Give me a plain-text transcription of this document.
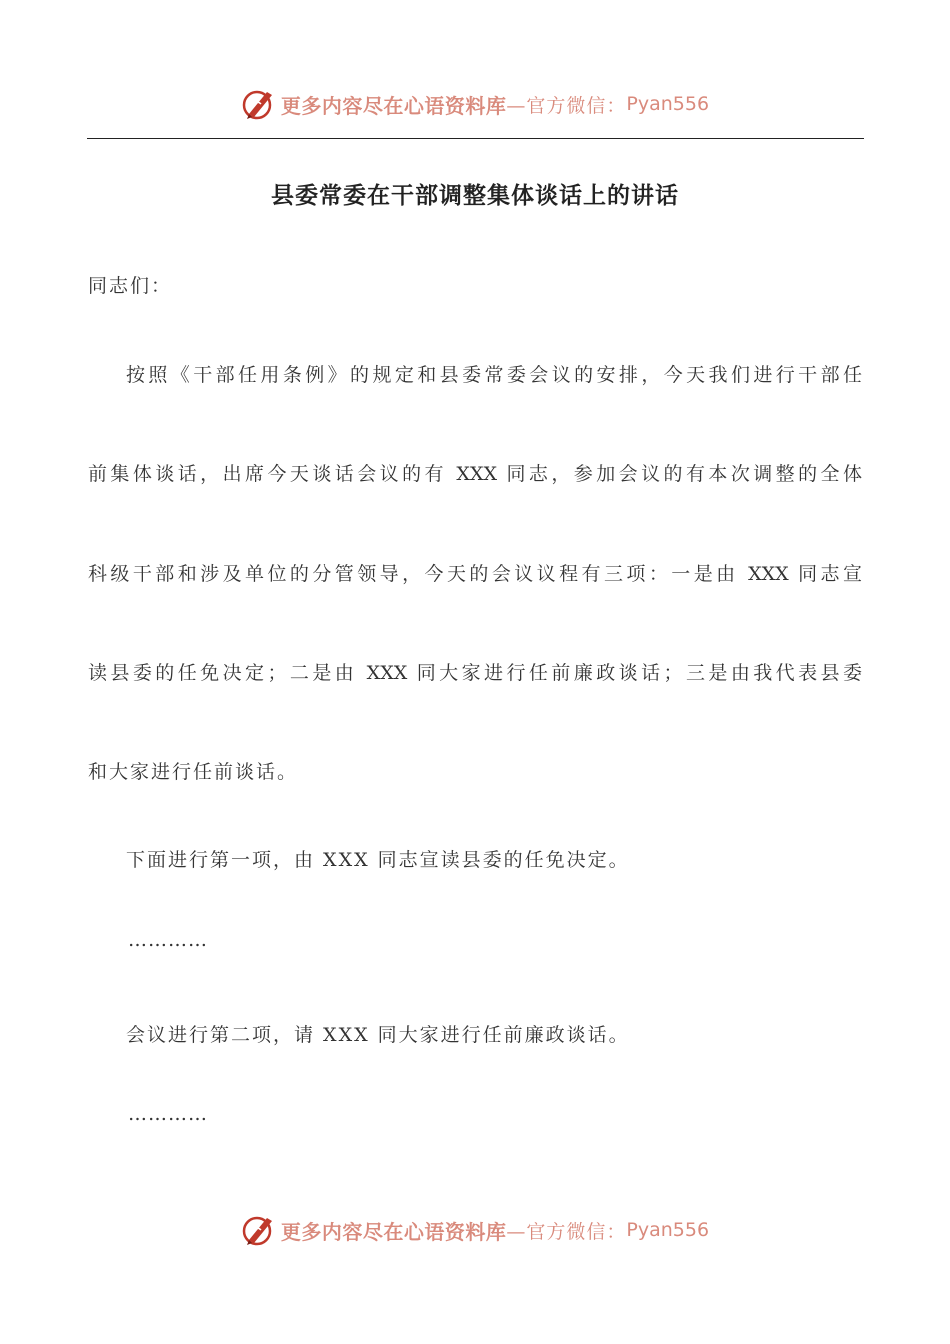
更多内容尽在心语资料库 —官方微信： Pyan556
县委常委在干部调整集体谈话上的讲话

同志们：

按照《干部任用条例》的规定和县委常委会议的安排，今天我们进行干部任

前集体谈话，出席今天谈话会议的有 XXX 同志，参加会议的有本次调整的全体

科级干部和涉及单位的分管领导，今天的会议议程有三项：一是由 XXX 同志宣

读县委的任免决定；二是由 XXX 同大家进行任前廉政谈话；三是由我代表县委

和大家进行任前谈话。

下面进行第一项，由 XXX 同志宣读县委的任免决定。

…………

会议进行第二项，请 XXX 同大家进行任前廉政谈话。

…………

更多内容尽在心语资料库 —官方微信： Pyan556
